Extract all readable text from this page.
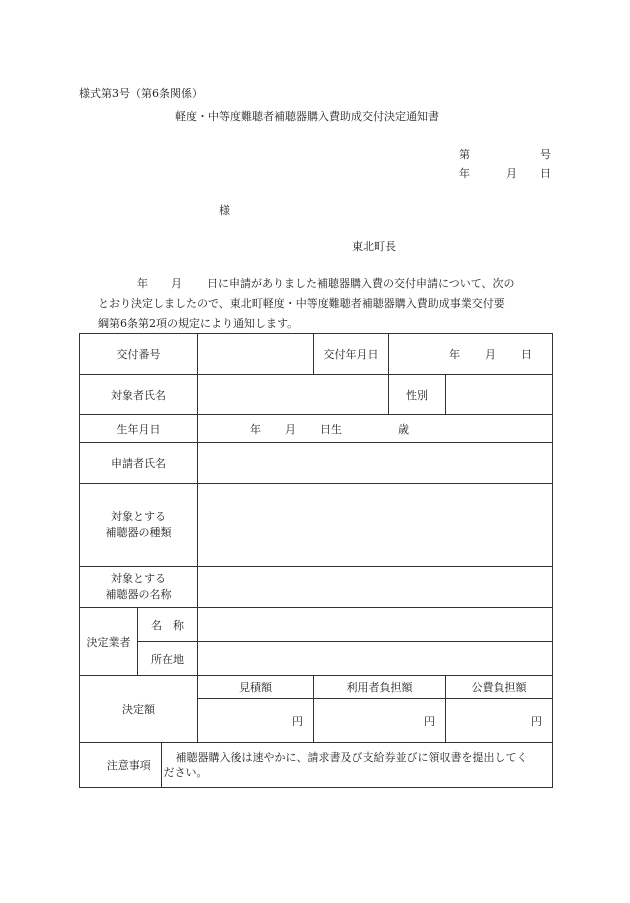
様式第3号（第6条関係）
軽度・中等度難聴者補聴器購入費助成交付決定通知書
第	号
年	月 日
様
東北町長
年 月 日に申請がありました補聴器購入費の交付申請について、次の
とおり決定しましたので、東北町軽度・中等度難聴者補聴器購入費助成事業交付要
綱第6条第2項の規定により通知します。
交付番号			交付年月日	年 月 日	
対象者氏名				性別	
生年月日		年 月 日生 歳			
申請者氏名					

対象とする
補聴器の種類					

対象とする
補聴器の名称					

決定業者	名　称				
	所在地				
決定額		見積額	利用者負担額		公費負担額
		円	円		円
注意事項		補聴器購入後は速やかに、請求書及び支給券並びに領収書を提出してく
ださい。			
